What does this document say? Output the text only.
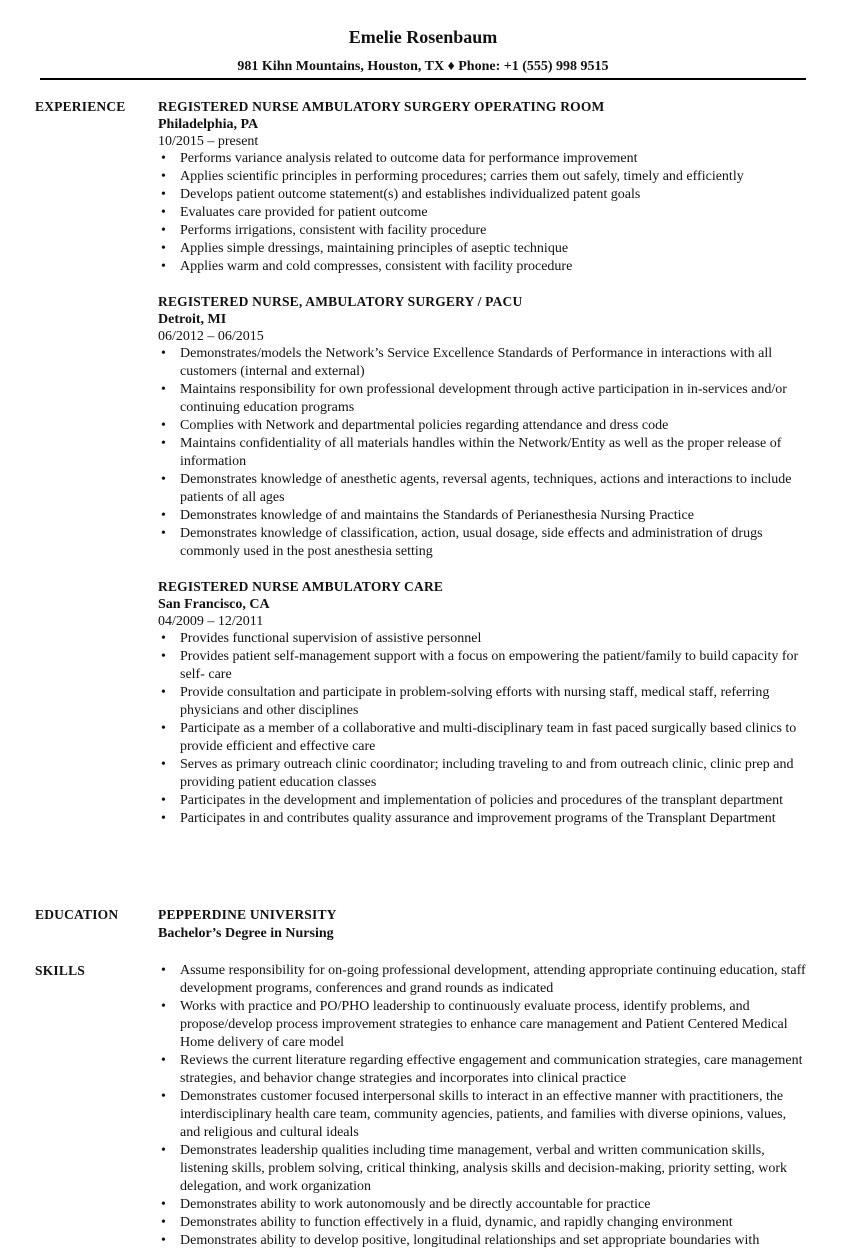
Emelie Rosenbaum
981 Kihn Mountains, Houston, TX ♦ Phone: +1 (555) 998 9515
EXPERIENCE REGISTERED NURSE AMBULATORY SURGERY OPERATING ROOM
Philadelphia, PA
10/2015 – present
• Performs variance analysis related to outcome data for performance improvement
• Applies scientific principles in performing procedures; carries them out safely, timely and efficiently
• Develops patient outcome statement(s) and establishes individualized patent goals
• Evaluates care provided for patient outcome
• Performs irrigations, consistent with facility procedure
• Applies simple dressings, maintaining principles of aseptic technique
• Applies warm and cold compresses, consistent with facility procedure
REGISTERED NURSE, AMBULATORY SURGERY / PACU
Detroit, MI
06/2012 – 06/2015
• Demonstrates/models the Network’s Service Excellence Standards of Performance in interactions with all customers (internal and external)
• Maintains responsibility for own professional development through active participation in in-services and/or continuing education programs
• Complies with Network and departmental policies regarding attendance and dress code
• Maintains confidentiality of all materials handles within the Network/Entity as well as the proper release of information
• Demonstrates knowledge of anesthetic agents, reversal agents, techniques, actions and interactions to include patients of all ages
• Demonstrates knowledge of and maintains the Standards of Perianesthesia Nursing Practice
• Demonstrates knowledge of classification, action, usual dosage, side effects and administration of drugs commonly used in the post anesthesia setting
REGISTERED NURSE AMBULATORY CARE
San Francisco, CA
04/2009 – 12/2011
• Provides functional supervision of assistive personnel
• Provides patient self-management support with a focus on empowering the patient/family to build capacity for self- care
• Provide consultation and participate in problem-solving efforts with nursing staff, medical staff, referring physicians and other disciplines
• Participate as a member of a collaborative and multi-disciplinary team in fast paced surgically based clinics to provide efficient and effective care
• Serves as primary outreach clinic coordinator; including traveling to and from outreach clinic, clinic prep and providing patient education classes
• Participates in the development and implementation of policies and procedures of the transplant department
• Participates in and contributes quality assurance and improvement programs of the Transplant Department
EDUCATION	PEPPERDINE UNIVERSITY
Bachelor’s Degree in Nursing
SKILLS
•	Assume responsibility for on-going professional development, attending appropriate continuing education, staff development programs, conferences and grand rounds as indicated
• Works with practice and PO/PHO leadership to continuously evaluate process, identify problems, and propose/develop process improvement strategies to enhance care management and Patient Centered Medical Home delivery of care model
• Reviews the current literature regarding effective engagement and communication strategies, care management strategies, and behavior change strategies and incorporates into clinical practice
• Demonstrates customer focused interpersonal skills to interact in an effective manner with practitioners, the interdisciplinary health care team, community agencies, patients, and families with diverse opinions, values, and religious and cultural ideals
• Demonstrates leadership qualities including time management, verbal and written communication skills, listening skills, problem solving, critical thinking, analysis skills and decision-making, priority setting, work delegation, and work organization
• Demonstrates ability to work autonomously and be directly accountable for practice
• Demonstrates ability to function effectively in a fluid, dynamic, and rapidly changing environment
• Demonstrates ability to develop positive, longitudinal relationships and set appropriate boundaries with
